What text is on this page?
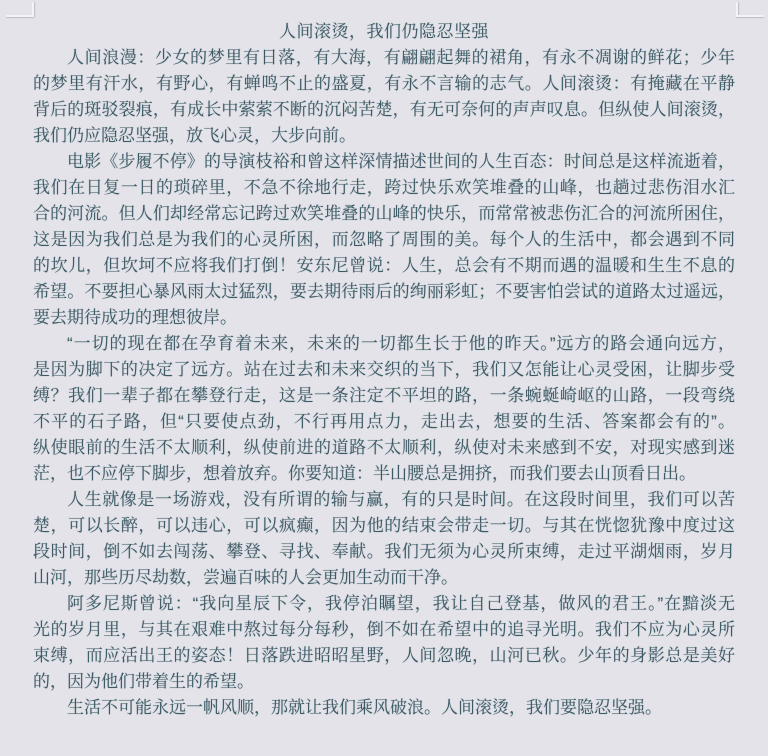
人间滚烫，我们仍隐忍坚强
人间浪漫：少女的梦里有日落，有大海，有翩翩起舞的裙角，有永不凋谢的鲜花；少年
的梦里有汗水，有野心，有蝉鸣不止的盛夏，有永不言输的志气。人间滚烫：有掩藏在平静
背后的斑驳裂痕，有成长中萦萦不断的沉闷苦楚，有无可奈何的声声叹息。但纵使人间滚烫，
我们仍应隐忍坚强，放飞心灵，大步向前。
电影《步履不停》的导演枝裕和曾这样深情描述世间的人生百态：时间总是这样流逝着，
我们在日复一日的琐碎里，不急不徐地行走，跨过快乐欢笑堆叠的山峰，也趟过悲伤泪水汇
合的河流。但人们却经常忘记跨过欢笑堆叠的山峰的快乐，而常常被悲伤汇合的河流所困住，
这是因为我们总是为我们的心灵所困，而忽略了周围的美。每个人的生活中，都会遇到不同
的坎儿，但坎坷不应将我们打倒！安东尼曾说：人生，总会有不期而遇的温暖和生生不息的
希望。不要担心暴风雨太过猛烈，要去期待雨后的绚丽彩虹；不要害怕尝试的道路太过遥远，
要去期待成功的理想彼岸。
“一切的现在都在孕育着未来，未来的一切都生长于他的昨天。”远方的路会通向远方，
是因为脚下的决定了远方。站在过去和未来交织的当下，我们又怎能让心灵受困，让脚步受
缚？我们一辈子都在攀登行走，这是一条注定不平坦的路，一条蜿蜒崎岖的山路，一段弯绕
不平的石子路，但“只要使点劲，不行再用点力，走出去，想要的生活、答案都会有的”。
纵使眼前的生活不太顺利，纵使前进的道路不太顺利，纵使对未来感到不安，对现实感到迷
茫，也不应停下脚步，想着放弃。你要知道：半山腰总是拥挤，而我们要去山顶看日出。
人生就像是一场游戏，没有所谓的输与赢，有的只是时间。在这段时间里，我们可以苦
楚，可以长醉，可以违心，可以疯癫，因为他的结束会带走一切。与其在恍惚犹豫中度过这
段时间，倒不如去闯荡、攀登、寻找、奉献。我们无须为心灵所束缚，走过平湖烟雨，岁月
山河，那些历尽劫数，尝遍百味的人会更加生动而干净。
阿多尼斯曾说：“我向星辰下令，我停泊瞩望，我让自己登基，做风的君王。”在黯淡无
光的岁月里，与其在艰难中熬过每分每秒，倒不如在希望中的追寻光明。我们不应为心灵所
束缚，而应活出王的姿态！日落跌进昭昭星野，人间忽晚，山河已秋。少年的身影总是美好
的，因为他们带着生的希望。
生活不可能永远一帆风顺，那就让我们乘风破浪。人间滚烫，我们要隐忍坚强。
